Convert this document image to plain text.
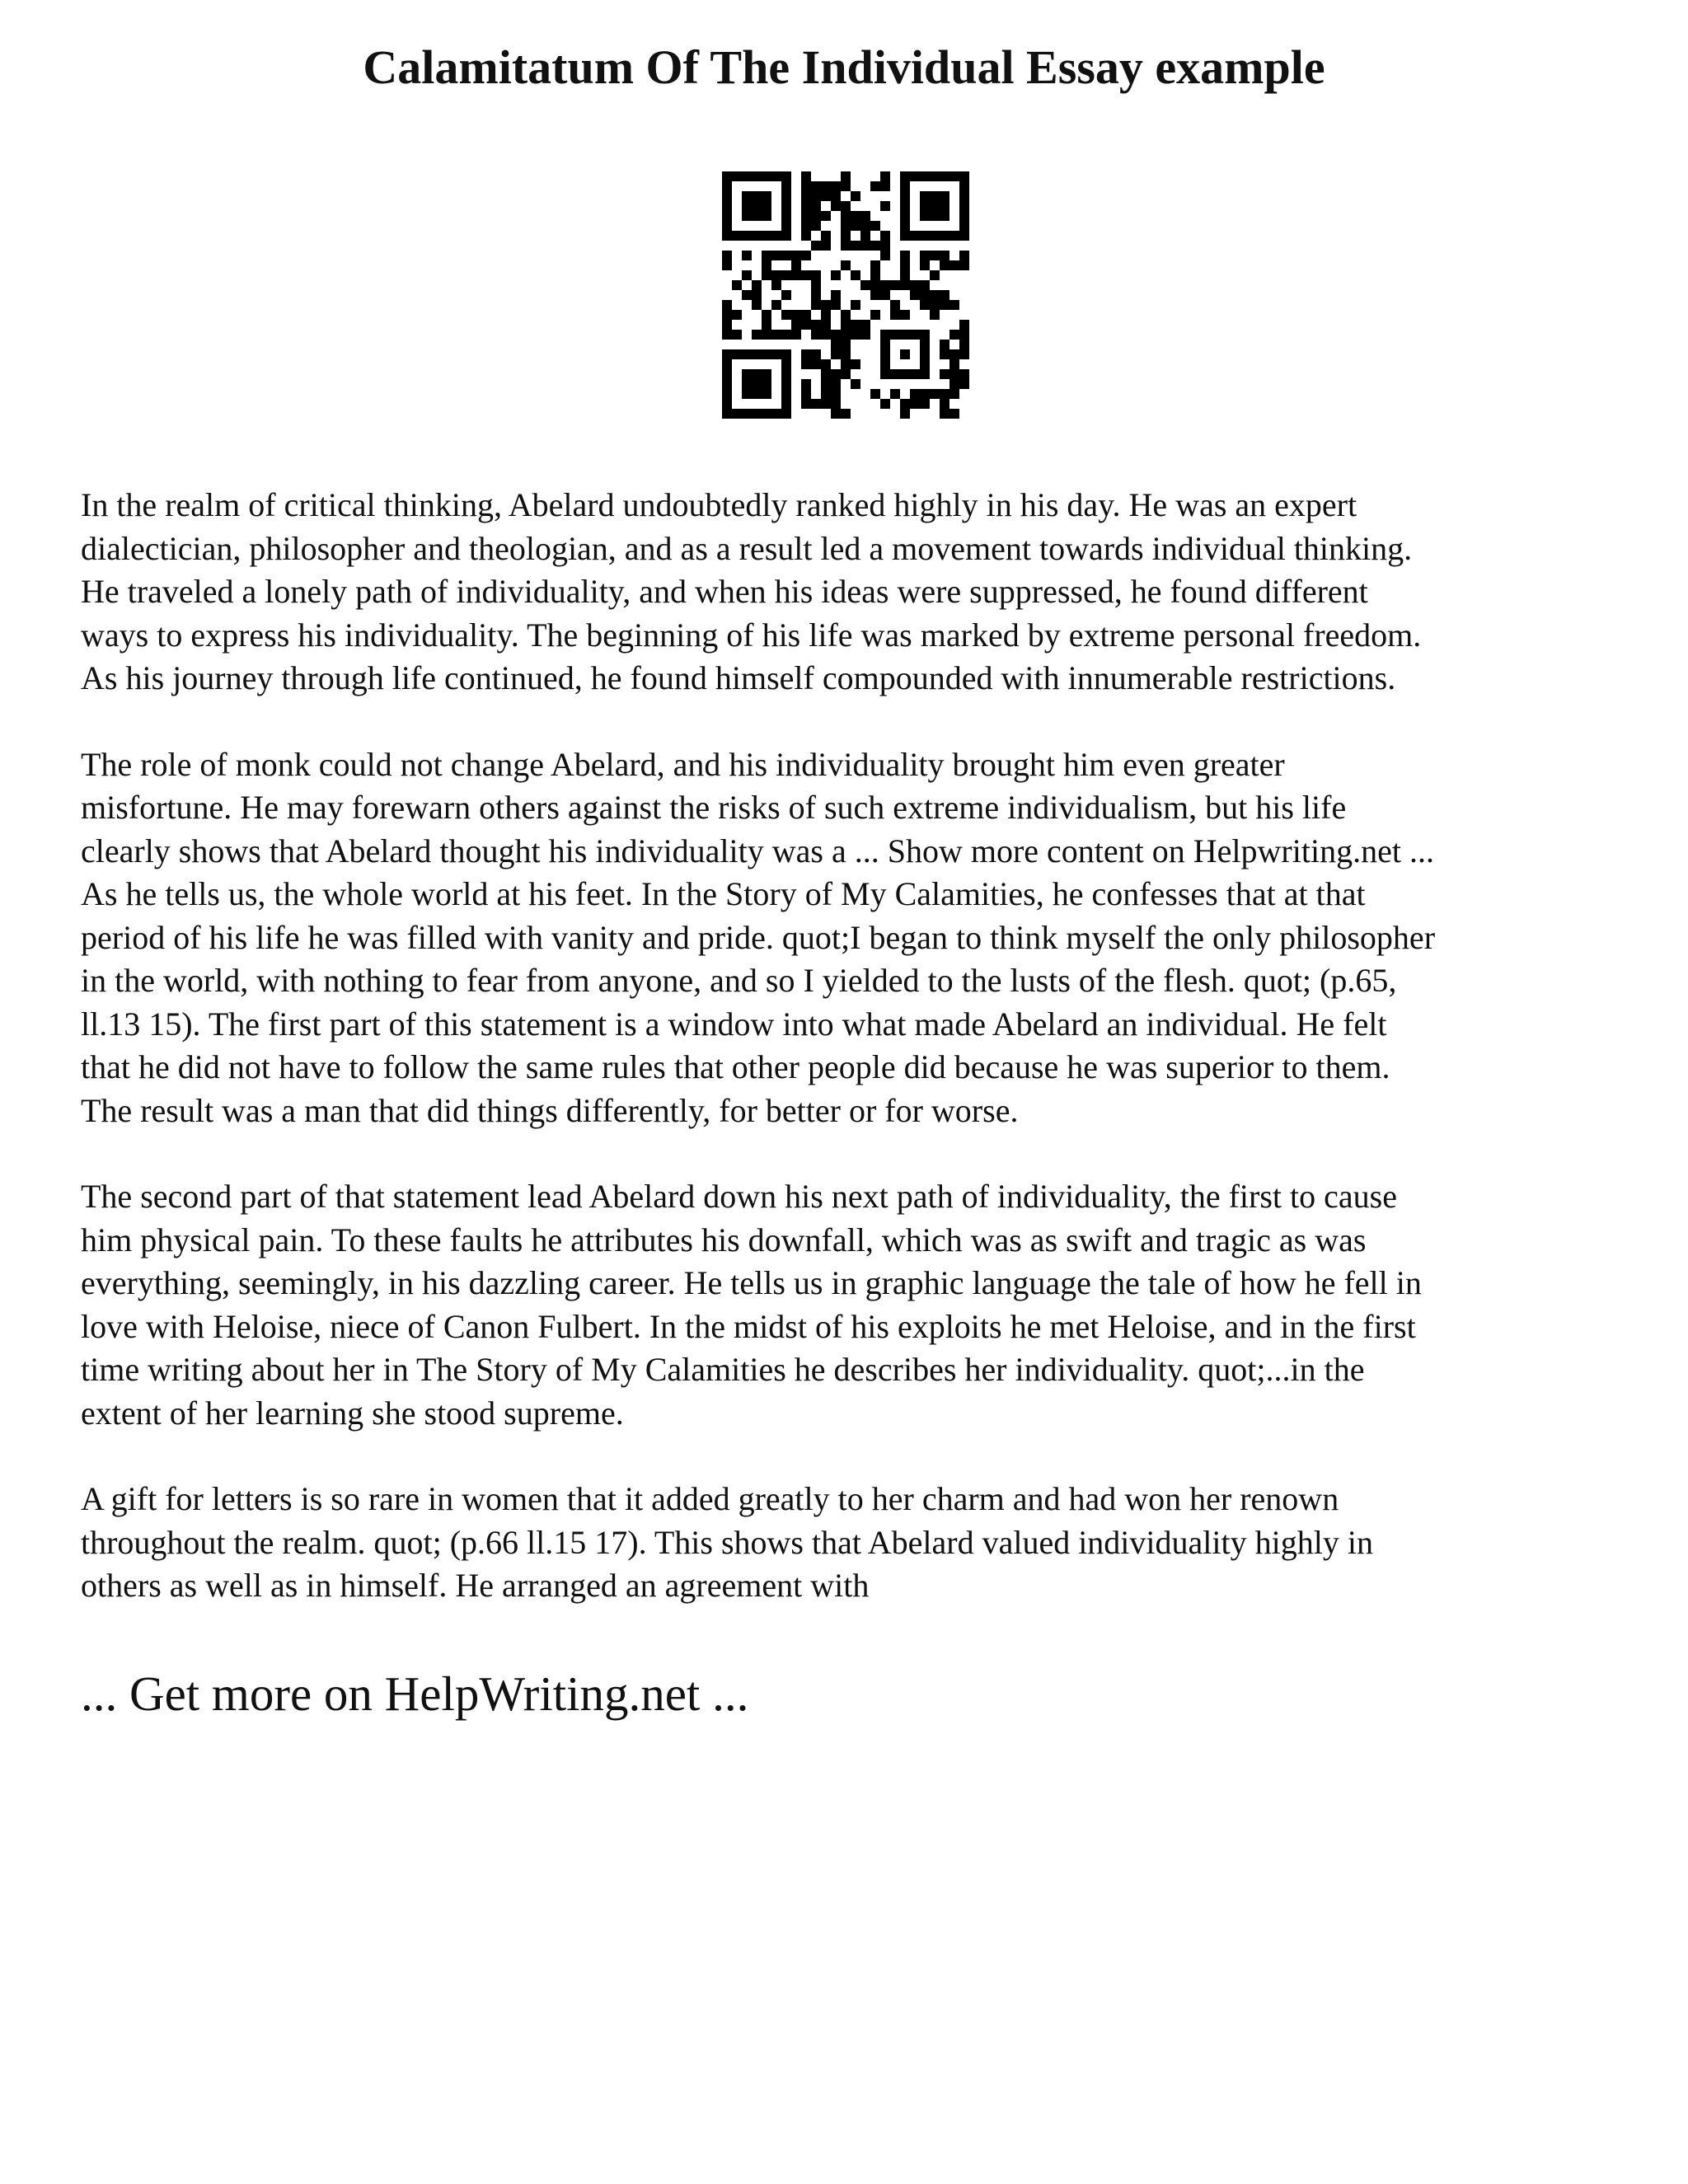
Calamitatum Of The Individual Essay example

In the realm of critical thinking, Abelard undoubtedly ranked highly in his day. He was an expert
dialectician, philosopher and theologian, and as a result led a movement towards individual thinking.
He traveled a lonely path of individuality, and when his ideas were suppressed, he found different
ways to express his individuality. The beginning of his life was marked by extreme personal freedom.
As his journey through life continued, he found himself compounded with innumerable restrictions.

The role of monk could not change Abelard, and his individuality brought him even greater
misfortune. He may forewarn others against the risks of such extreme individualism, but his life
clearly shows that Abelard thought his individuality was a ... Show more content on Helpwriting.net ...
As he tells us, the whole world at his feet. In the Story of My Calamities, he confesses that at that
period of his life he was filled with vanity and pride. quot;I began to think myself the only philosopher
in the world, with nothing to fear from anyone, and so I yielded to the lusts of the flesh. quot; (p.65,
ll.13 15). The first part of this statement is a window into what made Abelard an individual. He felt
that he did not have to follow the same rules that other people did because he was superior to them.
The result was a man that did things differently, for better or for worse.

The second part of that statement lead Abelard down his next path of individuality, the first to cause
him physical pain. To these faults he attributes his downfall, which was as swift and tragic as was
everything, seemingly, in his dazzling career. He tells us in graphic language the tale of how he fell in
love with Heloise, niece of Canon Fulbert. In the midst of his exploits he met Heloise, and in the first
time writing about her in The Story of My Calamities he describes her individuality. quot;...in the
extent of her learning she stood supreme.

A gift for letters is so rare in women that it added greatly to her charm and had won her renown
throughout the realm. quot; (p.66 ll.15 17). This shows that Abelard valued individuality highly in
others as well as in himself. He arranged an agreement with

... Get more on HelpWriting.net ...
